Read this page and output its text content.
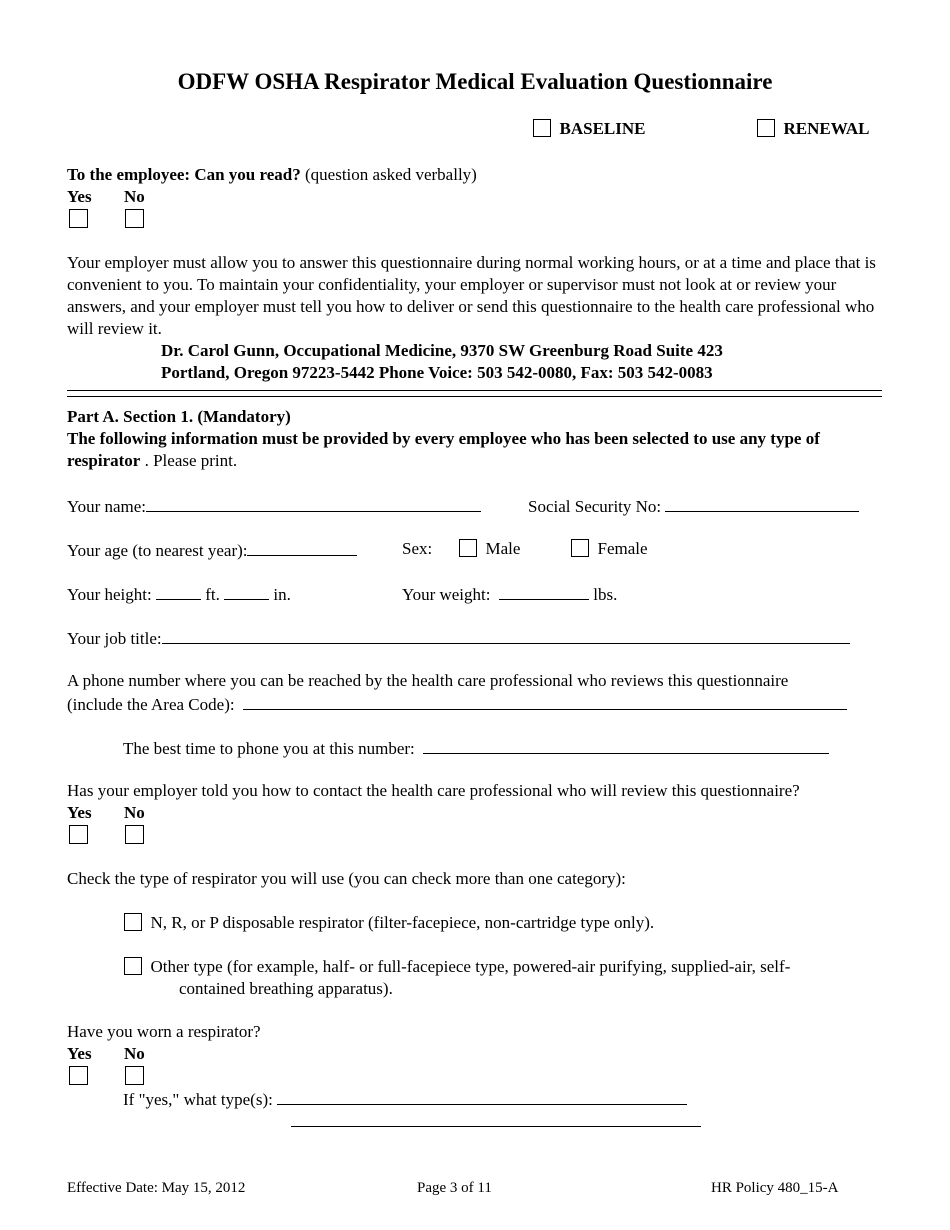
ODFW OSHA Respirator Medical Evaluation Questionnaire
BASELINE	RENEWAL
To the employee: Can you read? (question asked verbally)
Yes No
Your employer must allow you to answer this questionnaire during normal working hours, or at a time and place that is convenient to you. To maintain your confidentiality, your employer or supervisor must not look at or review your answers, and your employer must tell you how to deliver or send this questionnaire to the health care professional who will review it.
Dr. Carol Gunn, Occupational Medicine, 9370 SW Greenburg Road Suite 423
Portland, Oregon 97223-5442 Phone Voice: 503 542-0080, Fax: 503 542-0083
Part A. Section 1. (Mandatory)
The following information must be provided by every employee who has been selected to use any type of respirator . Please print.
Your name:	Social Security No:
Your age (to nearest year):	Sex:	Male	Female
Your height:	ft.	in.	Your weight:	lbs.
Your job title:
A phone number where you can be reached by the health care professional who reviews this questionnaire
(include the Area Code):
The best time to phone you at this number:
Has your employer told you how to contact the health care professional who will review this questionnaire?
Yes No
Check the type of respirator you will use (you can check more than one category):
N, R, or P disposable respirator (filter-facepiece, non-cartridge type only).
Other type (for example, half- or full-facepiece type, powered-air purifying, supplied-air, self-
contained breathing apparatus).
Have you worn a respirator?
Yes No
If "yes," what type(s):
Effective Date: May 15, 2012	Page 3 of 11	HR Policy 480_15-A
